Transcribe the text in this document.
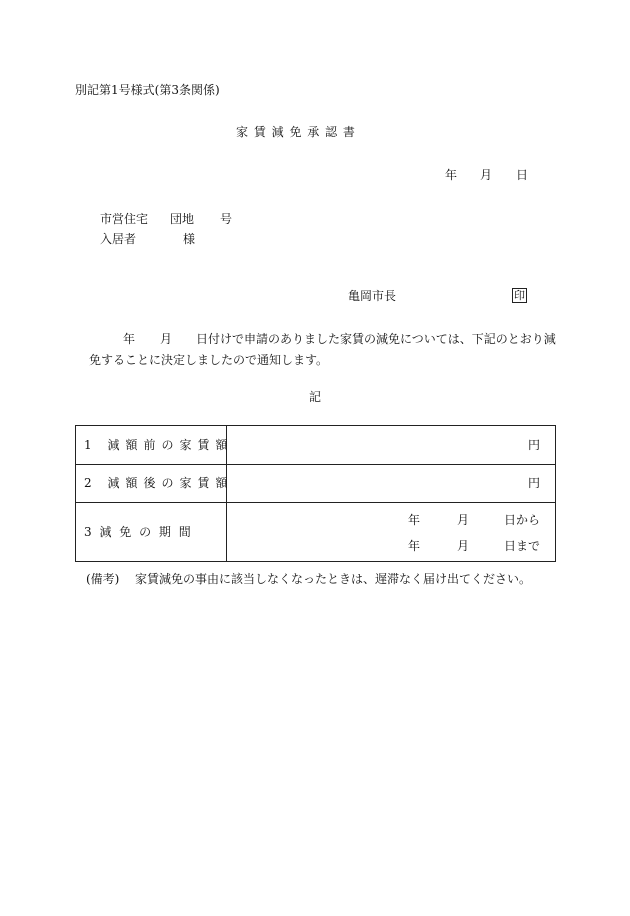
別記第1号様式(第3条関係)
家 賃 減 免 承 認 書
年 月 日
市営住宅 団地 号
入居者	様
亀岡市長	印
年 月 日付けで申請のありました家賃の減免については、下記のとおり減
免することに決定しましたので通知します。
記
1 減額前の家賃額	円
2 減額後の家賃額	円
3 減 免 の 期 間
年	月	日から
年	月	日まで
(備考) 家賃減免の事由に該当しなくなったときは、遅滞なく届け出てください。
